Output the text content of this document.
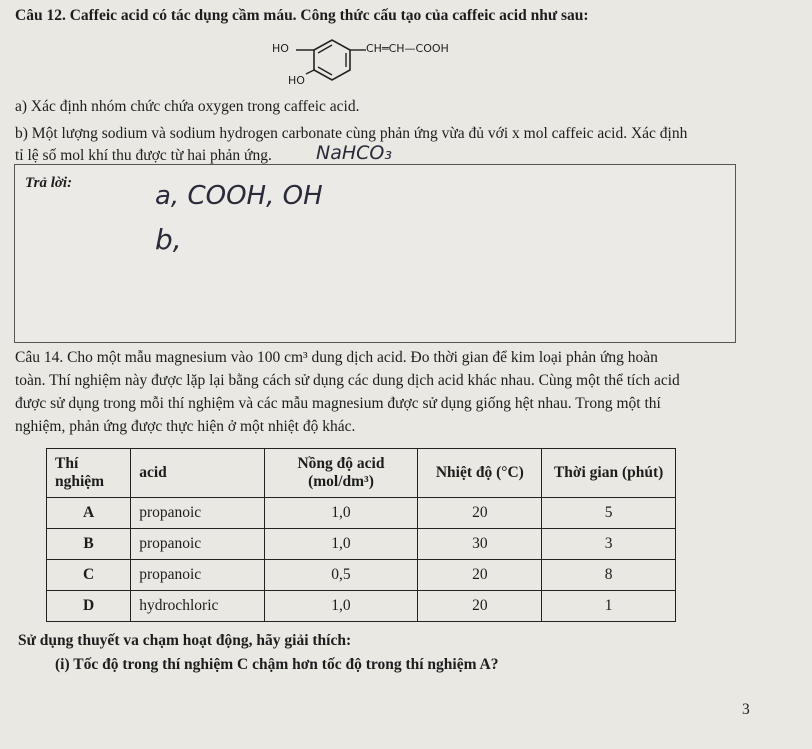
Câu 12. Caffeic acid có tác dụng cầm máu. Công thức cấu tạo của caffeic acid như sau:
HO
HO
CH═CH—COOH
a) Xác định nhóm chức chứa oxygen trong caffeic acid.
b) Một lượng sodium và sodium hydrogen carbonate cùng phản ứng vừa đủ với x mol caffeic acid. Xác định
tỉ lệ số mol khí thu được từ hai phản ứng. NaHCO₃
Trả lời:	a, COOH, OH
b,
Câu 14. Cho một mẫu magnesium vào 100 cm³ dung dịch acid. Đo thời gian để kim loại phản ứng hoàn
toàn. Thí nghiệm này được lặp lại bằng cách sử dụng các dung dịch acid khác nhau. Cùng một thể tích acid
được sử dụng trong mỗi thí nghiệm và các mẫu magnesium được sử dụng giống hệt nhau. Trong một thí
nghiệm, phản ứng được thực hiện ở một nhiệt độ khác.
Thí nghiệm	acid	Nồng độ acid (mol/dm³)	Nhiệt độ (°C)	Thời gian (phút)
A	propanoic	1,0	20	5
B	propanoic	1,0	30	3
C	propanoic	0,5	20	8
D	hydrochloric	1,0	20	1
Sử dụng thuyết va chạm hoạt động, hãy giải thích:
(i) Tốc độ trong thí nghiệm C chậm hơn tốc độ trong thí nghiệm A?
3
